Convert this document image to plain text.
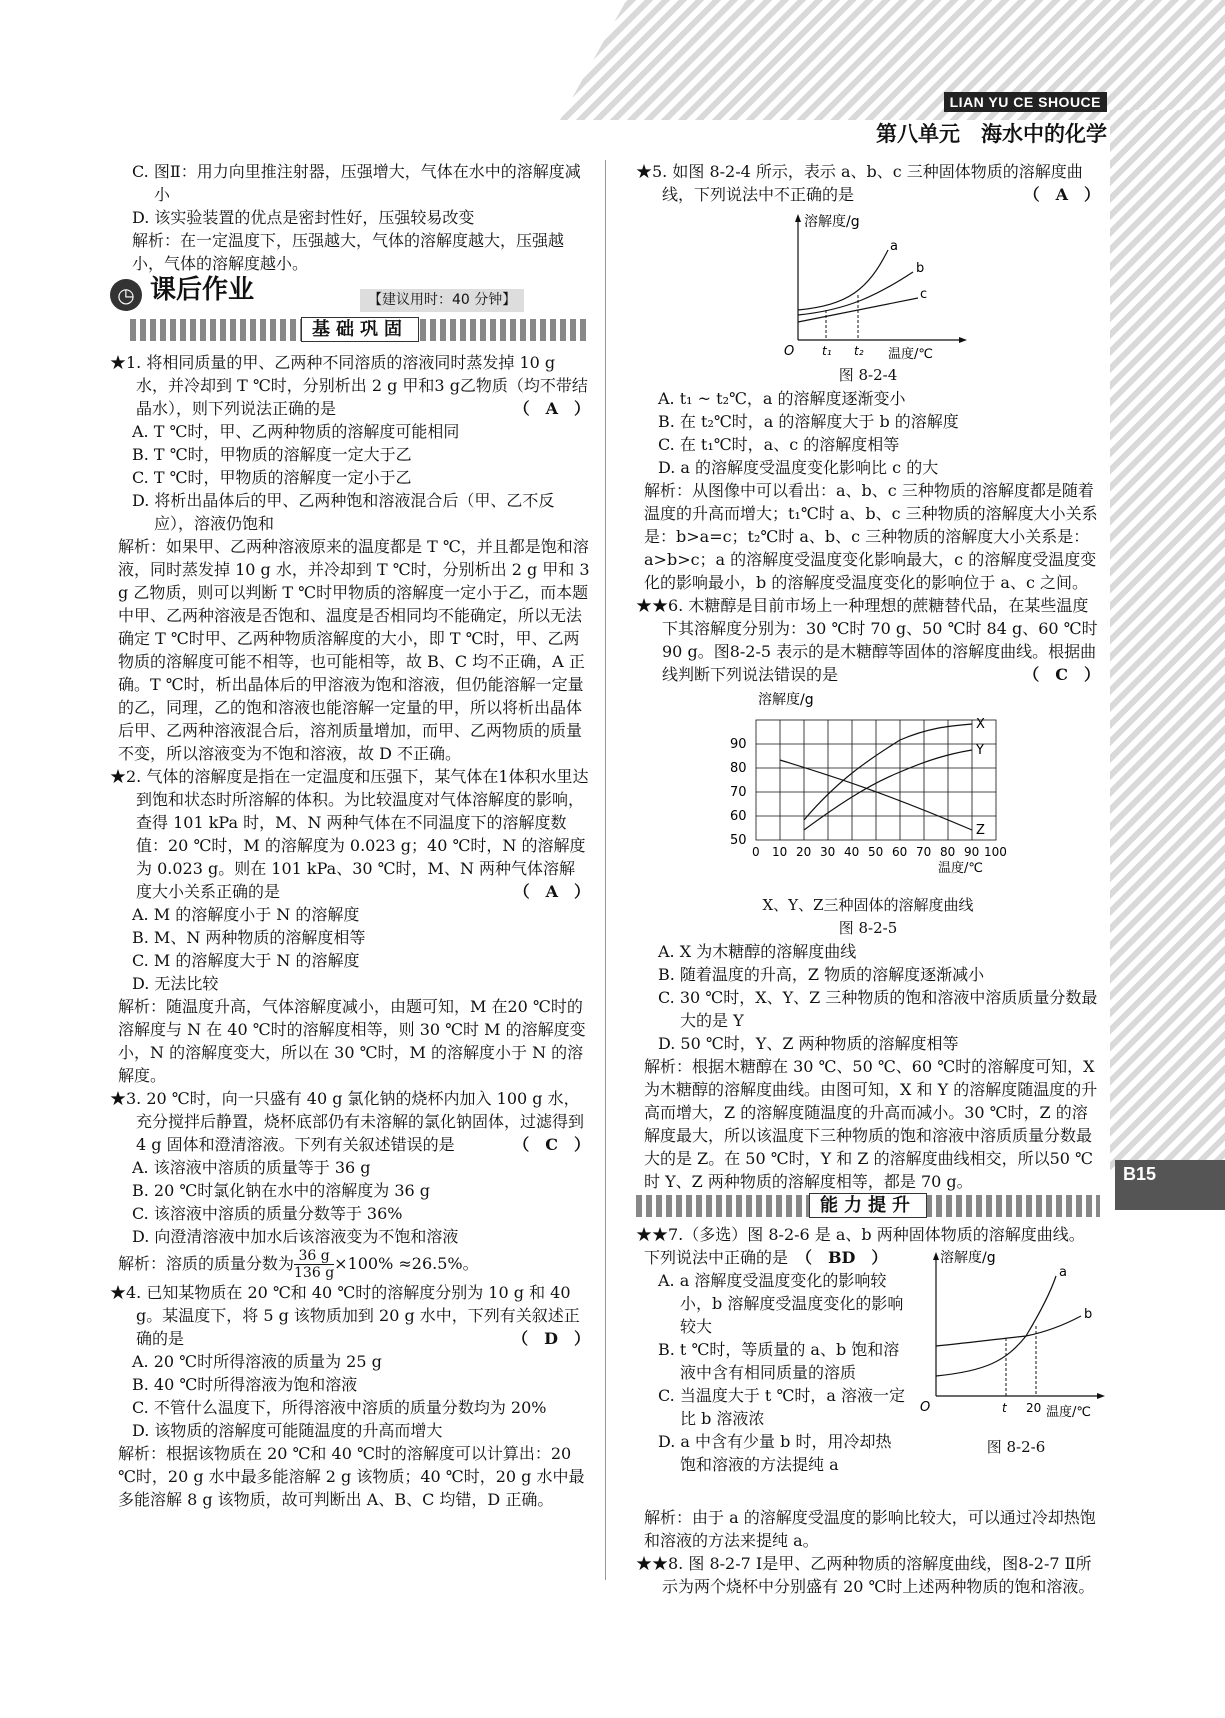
LIAN YU CE SHOUCE
第八单元　海水中的化学
B15

C. 图Ⅱ：用力向里推注射器，压强增大，气体在水中的溶解度减小

D. 该实验装置的优点是密封性好，压强较易改变

解析：在一定温度下，压强越大，气体的溶解度越大，压强越小，气体的溶解度越小。

◷ 课后作业	【建议用时：40 分钟】
基础巩固

★1. 将相同质量的甲、乙两种不同溶质的溶液同时蒸发掉 10 g 水，并冷却到 T ℃时，分别析出 2 g 甲和3 g乙物质（均不带结晶水），则下列说法正确的是	（　A　）

A. T ℃时，甲、乙两种物质的溶解度可能相同

B. T ℃时，甲物质的溶解度一定大于乙

C. T ℃时，甲物质的溶解度一定小于乙

D. 将析出晶体后的甲、乙两种饱和溶液混合后（甲、乙不反应），溶液仍饱和

解析：如果甲、乙两种溶液原来的温度都是 T ℃，并且都是饱和溶液，同时蒸发掉 10 g 水，并冷却到 T ℃时，分别析出 2 g 甲和 3 g 乙物质，则可以判断 T ℃时甲物质的溶解度一定小于乙，而本题中甲、乙两种溶液是否饱和、温度是否相同均不能确定，所以无法确定 T ℃时甲、乙两种物质溶解度的大小，即 T ℃时，甲、乙两物质的溶解度可能不相等，也可能相等，故 B、C 均不正确，A 正确。T ℃时，析出晶体后的甲溶液为饱和溶液，但仍能溶解一定量的乙，同理，乙的饱和溶液也能溶解一定量的甲，所以将析出晶体后甲、乙两种溶液混合后，溶剂质量增加，而甲、乙两物质的质量不变，所以溶液变为不饱和溶液，故 D 不正确。

★2. 气体的溶解度是指在一定温度和压强下，某气体在1体积水里达到饱和状态时所溶解的体积。为比较温度对气体溶解度的影响，查得 101 kPa 时，M、N 两种气体在不同温度下的溶解度数值：20 ℃时，M 的溶解度为 0.023 g；40 ℃时，N 的溶解度为 0.023 g。则在 101 kPa、30 ℃时，M、N 两种气体溶解度大小关系正确的是	（　A　）

A. M 的溶解度小于 N 的溶解度

B. M、N 两种物质的溶解度相等

C. M 的溶解度大于 N 的溶解度

D. 无法比较

解析：随温度升高，气体溶解度减小，由题可知，M 在20 ℃时的溶解度与 N 在 40 ℃时的溶解度相等，则 30 ℃时 M 的溶解度变小，N 的溶解度变大，所以在 30 ℃时，M 的溶解度小于 N 的溶解度。

★3. 20 ℃时，向一只盛有 40 g 氯化钠的烧杯内加入 100 g 水，充分搅拌后静置，烧杯底部仍有未溶解的氯化钠固体，过滤得到 4 g 固体和澄清溶液。下列有关叙述错误的是	（　C　）

A. 该溶液中溶质的质量等于 36 g

B. 20 ℃时氯化钠在水中的溶解度为 36 g

C. 该溶液中溶质的质量分数等于 36%

D. 向澄清溶液中加水后该溶液变为不饱和溶液

解析：溶质的质量分数为 $\frac{36 g}{136 g} \times 100\% \approx 26.5\%$。

★4. 已知某物质在 20 ℃和 40 ℃时的溶解度分别为 10 g 和 40 g。某温度下，将 5 g 该物质加到 20 g 水中，下列有关叙述正确的是	（　D　）

A. 20 ℃时所得溶液的质量为 25 g

B. 40 ℃时所得溶液为饱和溶液

C. 不管什么温度下，所得溶液中溶质的质量分数均为 20%

D. 该物质的溶解度可能随温度的升高而增大

解析：根据该物质在 20 ℃和 40 ℃时的溶解度可以计算出：20 ℃时，20 g 水中最多能溶解 2 g 该物质；40 ℃时，20 g 水中最多能溶解 8 g 该物质，故可判断出 A、B、C 均错，D 正确。

★5. 如图 8-2-4 所示，表示 a、b、c 三种固体物质的溶解度曲线，下列说法中不正确的是	（　A　）

溶解度/g
O
a
b
c
t₁ t₂ 温度/℃
图 8-2-4

A. t₁ ~ t₂℃，a 的溶解度逐渐变小

B. 在 t₂℃时，a 的溶解度大于 b 的溶解度

C. 在 t₁℃时，a、c 的溶解度相等

D. a 的溶解度受温度变化影响比 c 的大

解析：从图像中可以看出：a、b、c 三种物质的溶解度都是随着温度的升高而增大；t₁℃时 a、b、c 三种物质的溶解度大小关系是：b>a=c；t₂℃时 a、b、c 三种物质的溶解度大小关系是：a>b>c；a 的溶解度受温度变化影响最大，c 的溶解度受温度变化的影响最小，b 的溶解度受温度变化的影响位于 a、c 之间。

★★6. 木糖醇是目前市场上一种理想的蔗糖替代品，在某些温度下其溶解度分别为：30 ℃时 70 g、50 ℃时 84 g、60 ℃时 90 g。图8-2-5 表示的是木糖醇等固体的溶解度曲线。根据曲线判断下列说法错误的是	（　C　）

溶解度/g
50
60
70
80
90
0 10 20 30 40 50 60 70 80 90 100
X
Y
Z
温度/℃
X、Y、Z三种固体的溶解度曲线
图 8-2-5

A. X 为木糖醇的溶解度曲线

B. 随着温度的升高，Z 物质的溶解度逐渐减小

C. 30 ℃时，X、Y、Z 三种物质的饱和溶液中溶质质量分数最大的是 Y

D. 50 ℃时，Y、Z 两种物质的溶解度相等

解析：根据木糖醇在 30 ℃、50 ℃、60 ℃时的溶解度可知，X 为木糖醇的溶解度曲线。由图可知，X 和 Y 的溶解度随温度的升高而增大，Z 的溶解度随温度的升高而减小。30 ℃时，Z 的溶解度最大，所以该温度下三种物质的饱和溶液中溶质质量分数最大的是 Z。在 50 ℃时，Y 和 Z 的溶解度曲线相交，所以50 ℃时 Y、Z 两种物质的溶解度相等，都是 70 g。

能力提升

★★7.（多选）图 8-2-6 是 a、b 两种固体物质的溶解度曲线。

下列说法中正确的是　 （　BD　）

A. a 溶解度受温度变化的影响较小，b 溶解度受温度变化的影响较大

B. t ℃时，等质量的 a、b 饱和溶液中含有相同质量的溶质

C. 当温度大于 t ℃时，a 溶液一定比 b 溶液浓

D. a 中含有少量 b 时，用冷却热饱和溶液的方法提纯 a

溶解度/g
O
a
b
t 20 温度/℃
图 8-2-6

解析：由于 a 的溶解度受温度的影响比较大，可以通过冷却热饱和溶液的方法来提纯 a。

★★8. 图 8-2-7 Ⅰ是甲、乙两种物质的溶解度曲线，图8-2-7 Ⅱ所示为两个烧杯中分别盛有 20 ℃时上述两种物质的饱和溶液。
